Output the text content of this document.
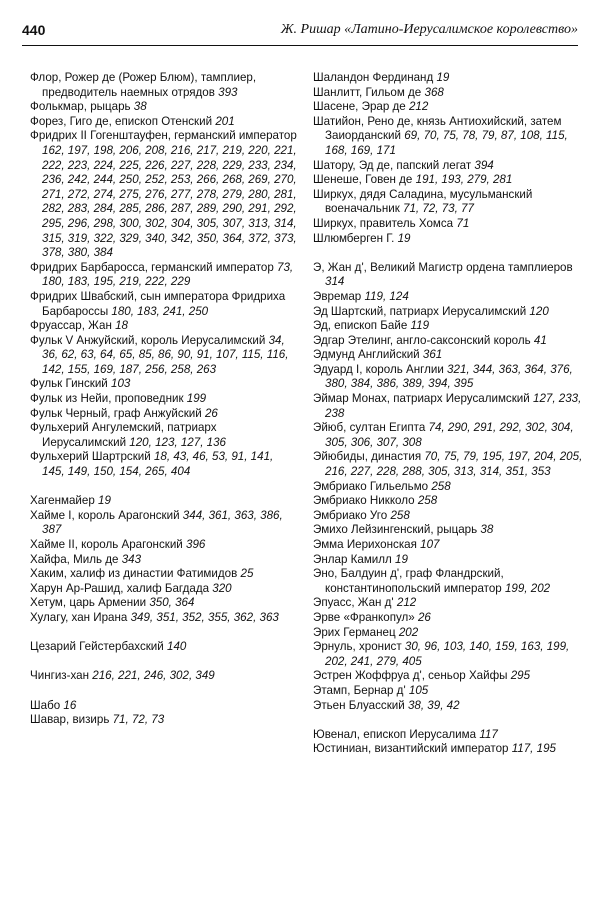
440	Ж. Ришар «Латино-Иерусалимское королевство»

Флор, Рожер де (Рожер Блюм), тамплиер, предводитель наемных отрядов 393

Фолькмар, рыцарь 38

Форез, Гиго де, епископ Отенский 201

Фридрих II Гогенштауфен, германский император 162, 197, 198, 206, 208, 216, 217, 219, 220, 221, 222, 223, 224, 225, 226, 227, 228, 229, 233, 234, 236, 242, 244, 250, 252, 253, 266, 268, 269, 270, 271, 272, 274, 275, 276, 277, 278, 279, 280, 281, 282, 283, 284, 285, 286, 287, 289, 290, 291, 292, 295, 296, 298, 300, 302, 304, 305, 307, 313, 314, 315, 319, 322, 329, 340, 342, 350, 364, 372, 373, 378, 380, 384

Фридрих Барбаросса, германский император 73, 180, 183, 195, 219, 222, 229

Фридрих Швабский, сын императора Фридриха Барбароссы 180, 183, 241, 250

Фруассар, Жан 18

Фульк V Анжуйский, король Иерусалимский 34, 36, 62, 63, 64, 65, 85, 86, 90, 91, 107, 115, 116, 142, 155, 169, 187, 256, 258, 263

Фульк Гинский 103

Фульк из Нейи, проповедник 199

Фульк Черный, граф Анжуйский 26

Фульхерий Ангулемский, патриарх Иерусалимский 120, 123, 127, 136

Фульхерий Шартрский 18, 43, 46, 53, 91, 141, 145, 149, 150, 154, 265, 404

Хагенмайер 19

Хайме I, король Арагонский 344, 361, 363, 386, 387

Хайме II, король Арагонский 396

Хайфа, Миль де 343

Хаким, халиф из династии Фатимидов 25

Харун Ар-Рашид, халиф Багдада 320

Хетум, царь Армении 350, 364

Хулагу, хан Ирана 349, 351, 352, 355, 362, 363

Цезарий Гейстербахский 140

Чингиз-хан 216, 221, 246, 302, 349

Шабо 16

Шавар, визирь 71, 72, 73

Шаландон Фердинанд 19

Шанлитт, Гильом де 368

Шасене, Эрар де 212

Шатийон, Рено де, князь Антиохийский, затем Заиорданский 69, 70, 75, 78, 79, 87, 108, 115, 168, 169, 171

Шатору, Эд де, папский легат 394

Шенеше, Говен де 191, 193, 279, 281

Ширкух, дядя Саладина, мусульманский военачальник 71, 72, 73, 77

Ширкух, правитель Хомса 71

Шлюмберген Г. 19

Э, Жан д', Великий Магистр ордена тамплиеров 314

Эвремар 119, 124

Эд Шартский, патриарх Иерусалимский 120

Эд, епископ Байе 119

Эдгар Этелинг, англо-саксонский король 41

Эдмунд Английский 361

Эдуард I, король Англии 321, 344, 363, 364, 376, 380, 384, 386, 389, 394, 395

Эймар Монах, патриарх Иерусалимский 127, 233, 238

Эйюб, султан Египта 74, 290, 291, 292, 302, 304, 305, 306, 307, 308

Эйюбиды, династия 70, 75, 79, 195, 197, 204, 205, 216, 227, 228, 288, 305, 313, 314, 351, 353

Эмбриако Гильельмо 258

Эмбриако Никколо 258

Эмбриако Уго 258

Эмихо Лейзингенский, рыцарь 38

Эмма Иерихонская 107

Энлар Камилл 19

Эно, Балдуин д', граф Фландрский, константинопольский император 199, 202

Эпуасс, Жан д' 212

Эрве «Франкопул» 26

Эрих Германец 202

Эрнуль, хронист 30, 96, 103, 140, 159, 163, 199, 202, 241, 279, 405

Эстрен Жоффруа д', сеньор Хайфы 295

Этамп, Бернар д' 105

Этьен Блуасский 38, 39, 42

Ювенал, епископ Иерусалима 117

Юстиниан, византийский император 117, 195
